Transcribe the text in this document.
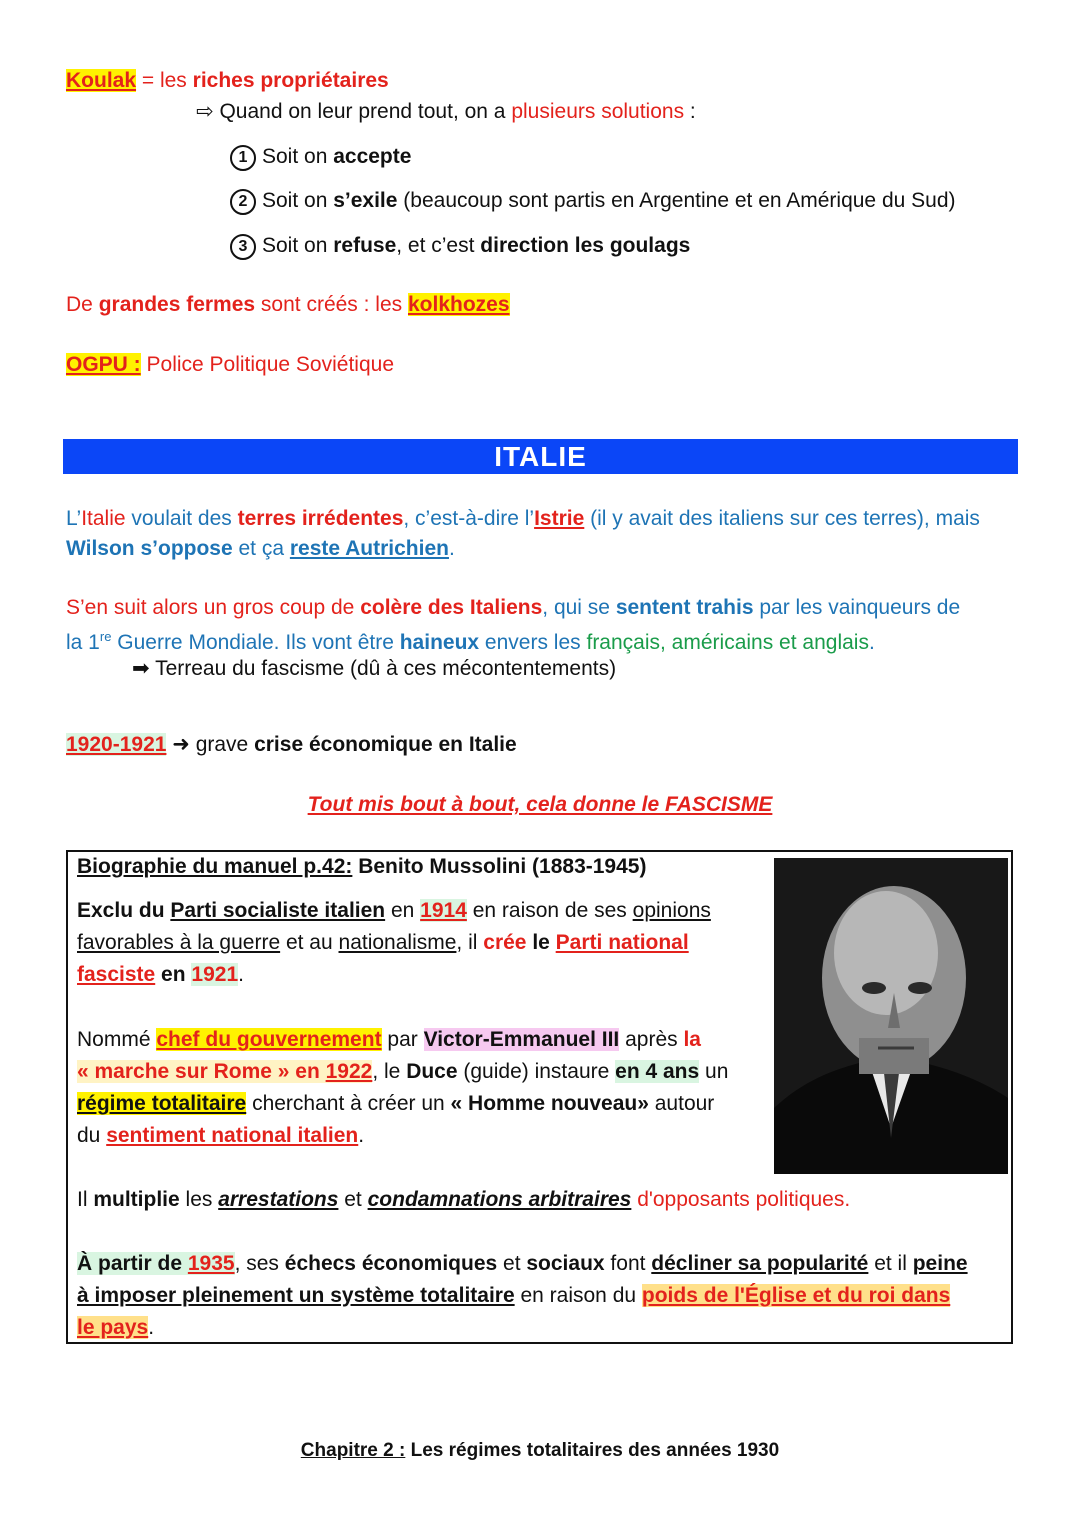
Koulak = les riches propriétaires
⇨ Quand on leur prend tout, on a plusieurs solutions :
1 Soit on accepte
2 Soit on s’exile (beaucoup sont partis en Argentine et en Amérique du Sud)
3 Soit on refuse, et c’est direction les goulags
De grandes fermes sont créés : les kolkhozes
OGPU : Police Politique Soviétique
ITALIE
L’Italie voulait des terres irrédentes, c’est-à-dire l’Istrie (il y avait des italiens sur ces terres), mais
Wilson s’oppose et ça reste Autrichien.
S’en suit alors un gros coup de colère des Italiens, qui se sentent trahis par les vainqueurs de
la 1re Guerre Mondiale. Ils vont être haineux envers les français, américains et anglais.
➡ Terreau du fascisme (dû à ces mécontentements)
1920-1921 ➜ grave crise économique en Italie
Tout mis bout à bout, cela donne le FASCISME
Biographie du manuel p.42: Benito Mussolini (1883-1945)
Exclu du Parti socialiste italien en 1914 en raison de ses opinions
favorables à la guerre et au nationalisme, il crée le Parti national
fasciste en 1921.
Nommé chef du gouvernement par Victor-Emmanuel III après la
« marche sur Rome » en 1922, le Duce (guide) instaure en 4 ans un
régime totalitaire cherchant à créer un « Homme nouveau» autour
du sentiment national italien.
Il multiplie les arrestations et condamnations arbitraires d'opposants politiques.
À partir de 1935, ses échecs économiques et sociaux font décliner sa popularité et il peine
à imposer pleinement un système totalitaire en raison du poids de l'Église et du roi dans
le pays.
Chapitre 2 : Les régimes totalitaires des années 1930
